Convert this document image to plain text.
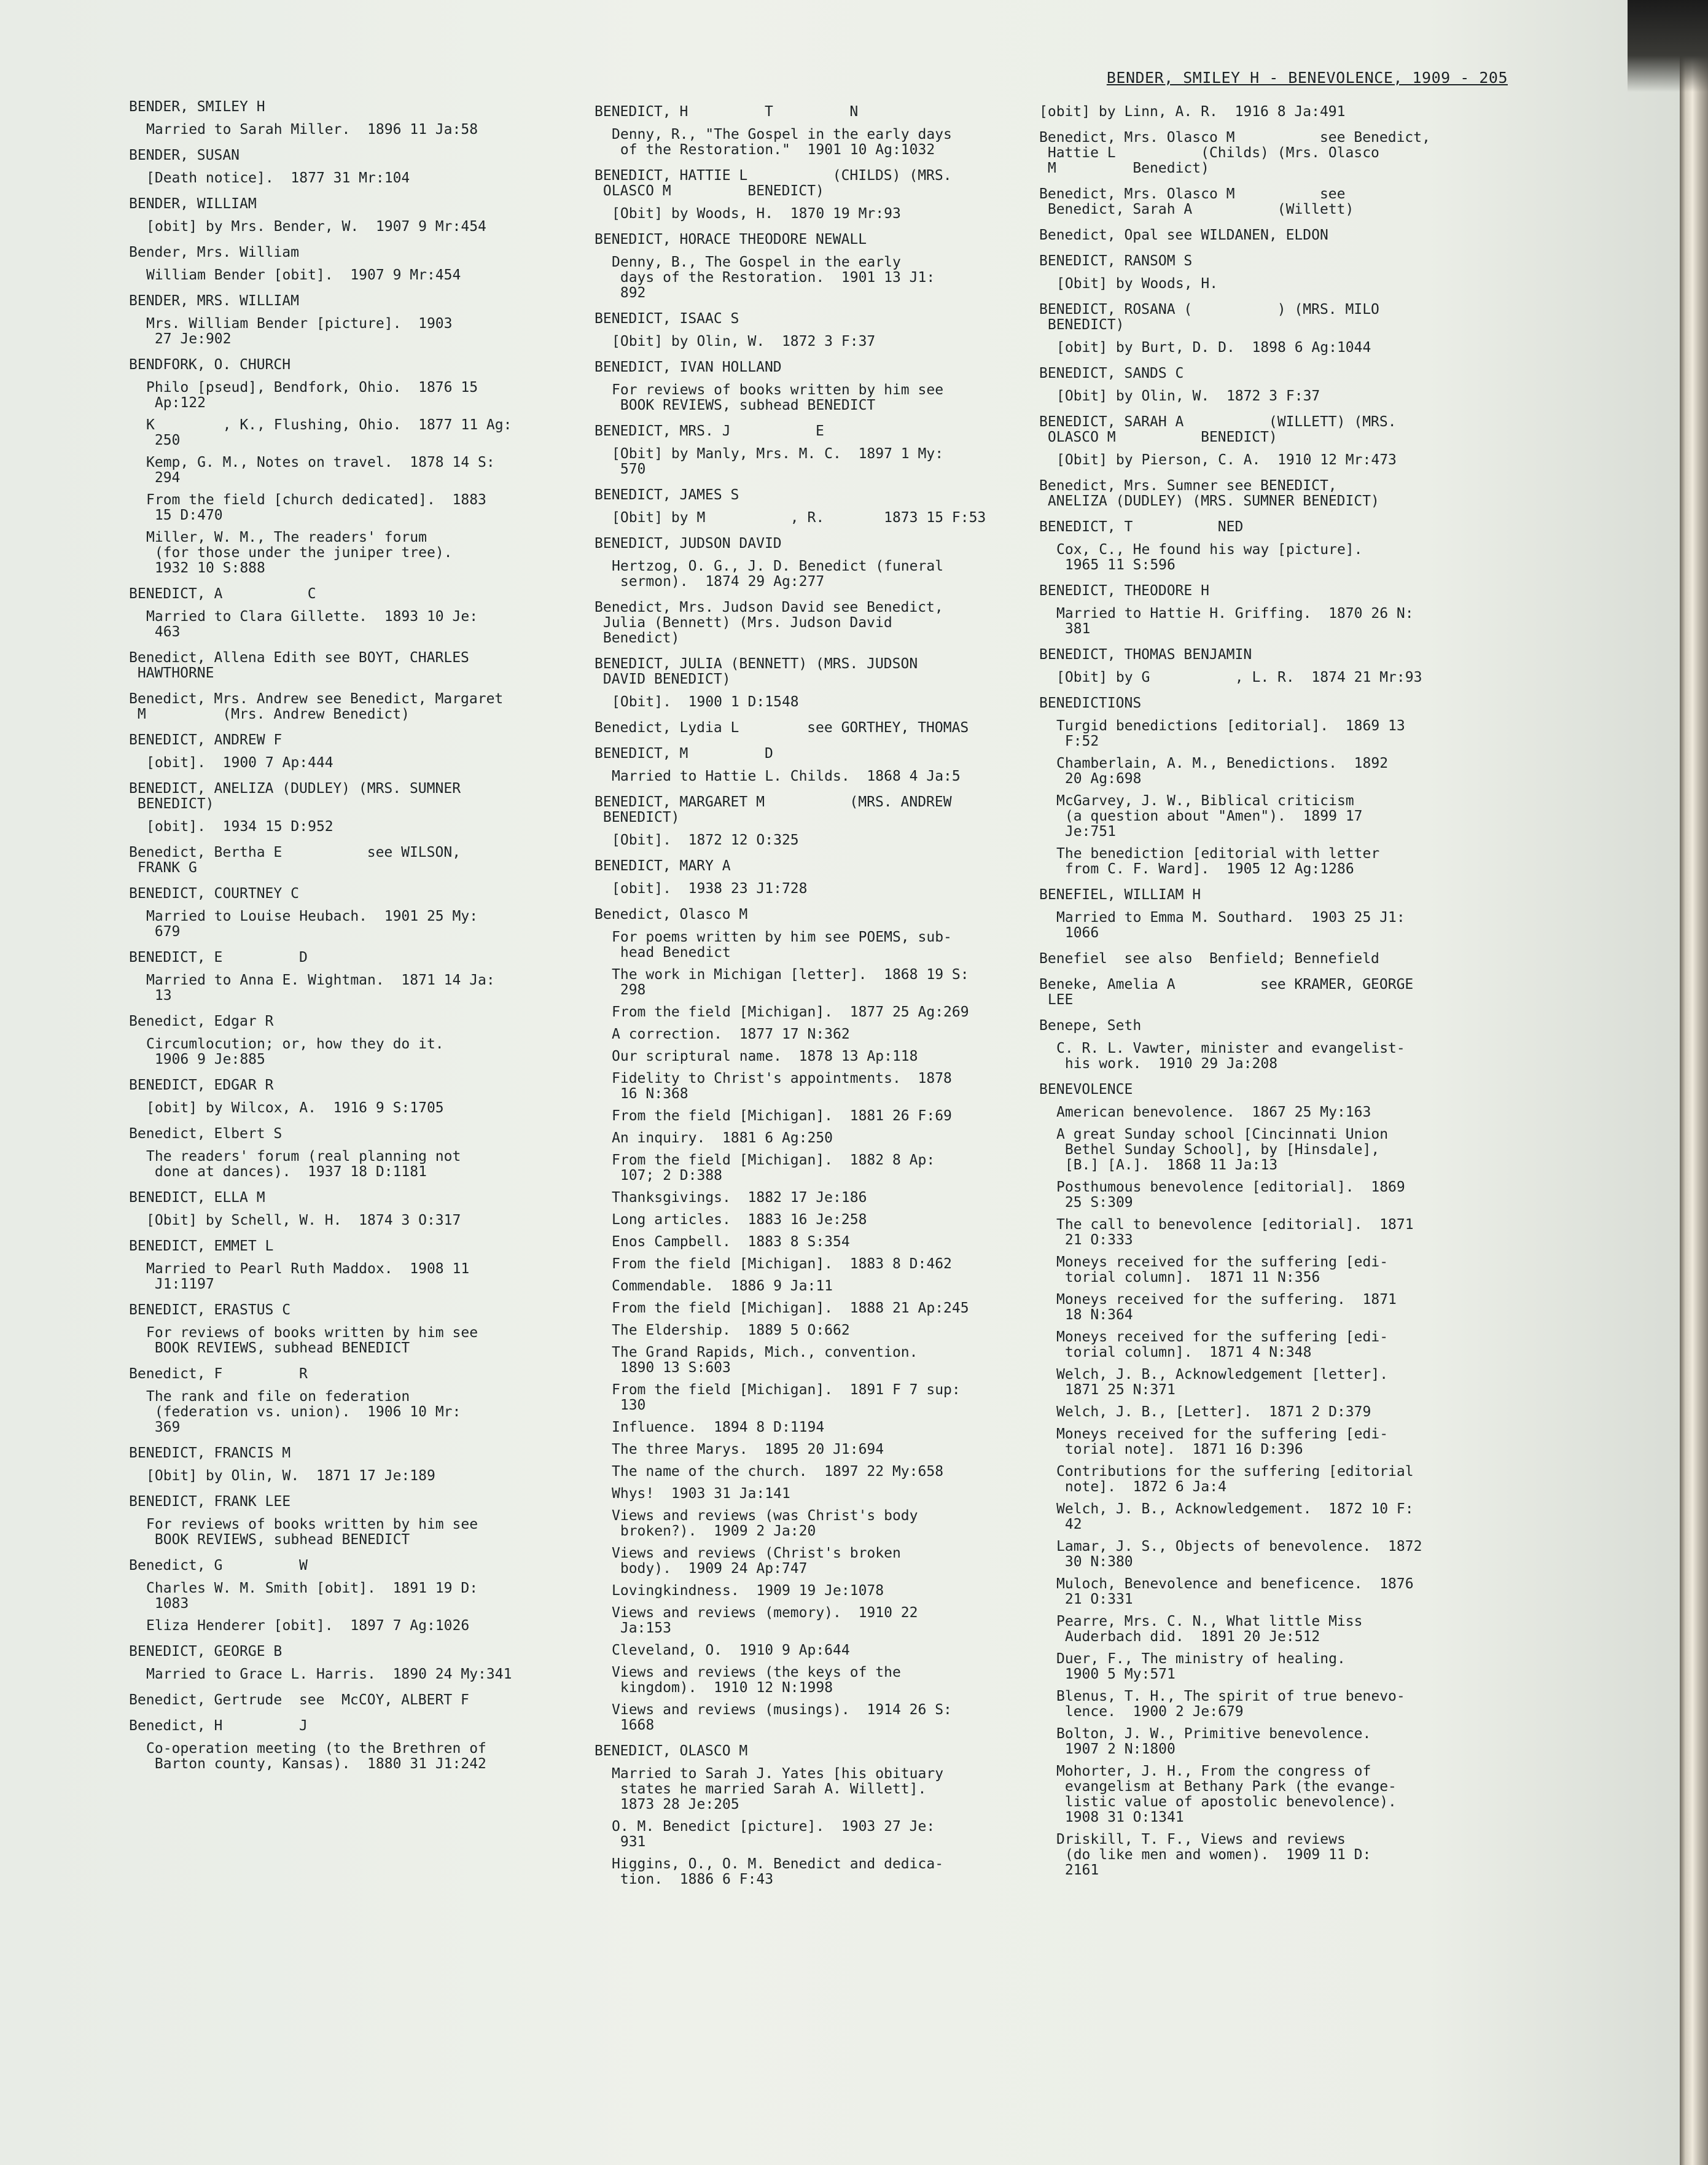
BENDER, SMILEY H - BENEVOLENCE, 1909 - 205
BENDER, SMILEY H
Married to Sarah Miller.  1896 11 Ja:58
BENDER, SUSAN
[Death notice].  1877 31 Mr:104
BENDER, WILLIAM
[obit] by Mrs. Bender, W.  1907 9 Mr:454
Bender, Mrs. William
William Bender [obit].  1907 9 Mr:454
BENDER, MRS. WILLIAM
Mrs. William Bender [picture].  1903
27 Je:902
BENDFORK, O. CHURCH
Philo [pseud], Bendfork, Ohio.  1876 15
Ap:122
K        , K., Flushing, Ohio.  1877 11 Ag:
250
Kemp, G. M., Notes on travel.  1878 14 S:
294
From the field [church dedicated].  1883
15 D:470
Miller, W. M., The readers' forum
(for those under the juniper tree).
1932 10 S:888
BENEDICT, A          C
Married to Clara Gillette.  1893 10 Je:
463
Benedict, Allena Edith see BOYT, CHARLES
HAWTHORNE
Benedict, Mrs. Andrew see Benedict, Margaret
M         (Mrs. Andrew Benedict)
BENEDICT, ANDREW F
[obit].  1900 7 Ap:444
BENEDICT, ANELIZA (DUDLEY) (MRS. SUMNER
BENEDICT)
[obit].  1934 15 D:952
Benedict, Bertha E          see WILSON,
FRANK G
BENEDICT, COURTNEY C
Married to Louise Heubach.  1901 25 My:
679
BENEDICT, E         D
Married to Anna E. Wightman.  1871 14 Ja:
13
Benedict, Edgar R
Circumlocution; or, how they do it.
1906 9 Je:885
BENEDICT, EDGAR R
[obit] by Wilcox, A.  1916 9 S:1705
Benedict, Elbert S
The readers' forum (real planning not
done at dances).  1937 18 D:1181
BENEDICT, ELLA M
[Obit] by Schell, W. H.  1874 3 O:317
BENEDICT, EMMET L
Married to Pearl Ruth Maddox.  1908 11
J1:1197
BENEDICT, ERASTUS C
For reviews of books written by him see
BOOK REVIEWS, subhead BENEDICT
Benedict, F         R
The rank and file on federation
(federation vs. union).  1906 10 Mr:
369
BENEDICT, FRANCIS M
[Obit] by Olin, W.  1871 17 Je:189
BENEDICT, FRANK LEE
For reviews of books written by him see
BOOK REVIEWS, subhead BENEDICT
Benedict, G         W
Charles W. M. Smith [obit].  1891 19 D:
1083
Eliza Henderer [obit].  1897 7 Ag:1026
BENEDICT, GEORGE B
Married to Grace L. Harris.  1890 24 My:341
Benedict, Gertrude  see  McCOY, ALBERT F
Benedict, H         J
Co-operation meeting (to the Brethren of
Barton county, Kansas).  1880 31 J1:242
BENEDICT, H         T         N
Denny, R., "The Gospel in the early days
of the Restoration."  1901 10 Ag:1032
BENEDICT, HATTIE L          (CHILDS) (MRS.
OLASCO M         BENEDICT)
[Obit] by Woods, H.  1870 19 Mr:93
BENEDICT, HORACE THEODORE NEWALL
Denny, B., The Gospel in the early
days of the Restoration.  1901 13 J1:
892
BENEDICT, ISAAC S
[Obit] by Olin, W.  1872 3 F:37
BENEDICT, IVAN HOLLAND
For reviews of books written by him see
BOOK REVIEWS, subhead BENEDICT
BENEDICT, MRS. J          E
[Obit] by Manly, Mrs. M. C.  1897 1 My:
570
BENEDICT, JAMES S
[Obit] by M          , R.       1873 15 F:53
BENEDICT, JUDSON DAVID
Hertzog, O. G., J. D. Benedict (funeral
sermon).  1874 29 Ag:277
Benedict, Mrs. Judson David see Benedict,
Julia (Bennett) (Mrs. Judson David
Benedict)
BENEDICT, JULIA (BENNETT) (MRS. JUDSON
DAVID BENEDICT)
[Obit].  1900 1 D:1548
Benedict, Lydia L        see GORTHEY, THOMAS
BENEDICT, M         D
Married to Hattie L. Childs.  1868 4 Ja:5
BENEDICT, MARGARET M          (MRS. ANDREW
BENEDICT)
[Obit].  1872 12 O:325
BENEDICT, MARY A
[obit].  1938 23 J1:728
Benedict, Olasco M
For poems written by him see POEMS, sub-
head Benedict
The work in Michigan [letter].  1868 19 S:
298
From the field [Michigan].  1877 25 Ag:269
A correction.  1877 17 N:362
Our scriptural name.  1878 13 Ap:118
Fidelity to Christ's appointments.  1878
16 N:368
From the field [Michigan].  1881 26 F:69
An inquiry.  1881 6 Ag:250
From the field [Michigan].  1882 8 Ap:
107; 2 D:388
Thanksgivings.  1882 17 Je:186
Long articles.  1883 16 Je:258
Enos Campbell.  1883 8 S:354
From the field [Michigan].  1883 8 D:462
Commendable.  1886 9 Ja:11
From the field [Michigan].  1888 21 Ap:245
The Eldership.  1889 5 O:662
The Grand Rapids, Mich., convention.
1890 13 S:603
From the field [Michigan].  1891 F 7 sup:
130
Influence.  1894 8 D:1194
The three Marys.  1895 20 J1:694
The name of the church.  1897 22 My:658
Whys!  1903 31 Ja:141
Views and reviews (was Christ's body
broken?).  1909 2 Ja:20
Views and reviews (Christ's broken
body).  1909 24 Ap:747
Lovingkindness.  1909 19 Je:1078
Views and reviews (memory).  1910 22
Ja:153
Cleveland, O.  1910 9 Ap:644
Views and reviews (the keys of the
kingdom).  1910 12 N:1998
Views and reviews (musings).  1914 26 S:
1668
BENEDICT, OLASCO M
Married to Sarah J. Yates [his obituary
states he married Sarah A. Willett].
1873 28 Je:205
O. M. Benedict [picture].  1903 27 Je:
931
Higgins, O., O. M. Benedict and dedica-
tion.  1886 6 F:43
[obit] by Linn, A. R.  1916 8 Ja:491
Benedict, Mrs. Olasco M          see Benedict,
Hattie L          (Childs) (Mrs. Olasco
M         Benedict)
Benedict, Mrs. Olasco M          see
Benedict, Sarah A          (Willett)
Benedict, Opal see WILDANEN, ELDON
BENEDICT, RANSOM S
[Obit] by Woods, H.
BENEDICT, ROSANA (          ) (MRS. MILO
BENEDICT)
[obit] by Burt, D. D.  1898 6 Ag:1044
BENEDICT, SANDS C
[Obit] by Olin, W.  1872 3 F:37
BENEDICT, SARAH A          (WILLETT) (MRS.
OLASCO M          BENEDICT)
[Obit] by Pierson, C. A.  1910 12 Mr:473
Benedict, Mrs. Sumner see BENEDICT,
ANELIZA (DUDLEY) (MRS. SUMNER BENEDICT)
BENEDICT, T          NED
Cox, C., He found his way [picture].
1965 11 S:596
BENEDICT, THEODORE H
Married to Hattie H. Griffing.  1870 26 N:
381
BENEDICT, THOMAS BENJAMIN
[Obit] by G          , L. R.  1874 21 Mr:93
BENEDICTIONS
Turgid benedictions [editorial].  1869 13
F:52
Chamberlain, A. M., Benedictions.  1892
20 Ag:698
McGarvey, J. W., Biblical criticism
(a question about "Amen").  1899 17
Je:751
The benediction [editorial with letter
from C. F. Ward].  1905 12 Ag:1286
BENEFIEL, WILLIAM H
Married to Emma M. Southard.  1903 25 J1:
1066
Benefiel  see also  Benfield; Bennefield
Beneke, Amelia A          see KRAMER, GEORGE
LEE
Benepe, Seth
C. R. L. Vawter, minister and evangelist-
his work.  1910 29 Ja:208
BENEVOLENCE
American benevolence.  1867 25 My:163
A great Sunday school [Cincinnati Union
Bethel Sunday School], by [Hinsdale],
[B.] [A.].  1868 11 Ja:13
Posthumous benevolence [editorial].  1869
25 S:309
The call to benevolence [editorial].  1871
21 O:333
Moneys received for the suffering [edi-
torial column].  1871 11 N:356
Moneys received for the suffering.  1871
18 N:364
Moneys received for the suffering [edi-
torial column].  1871 4 N:348
Welch, J. B., Acknowledgement [letter].
1871 25 N:371
Welch, J. B., [Letter].  1871 2 D:379
Moneys received for the suffering [edi-
torial note].  1871 16 D:396
Contributions for the suffering [editorial
note].  1872 6 Ja:4
Welch, J. B., Acknowledgement.  1872 10 F:
42
Lamar, J. S., Objects of benevolence.  1872
30 N:380
Muloch, Benevolence and beneficence.  1876
21 O:331
Pearre, Mrs. C. N., What little Miss
Auderbach did.  1891 20 Je:512
Duer, F., The ministry of healing.
1900 5 My:571
Blenus, T. H., The spirit of true benevo-
lence.  1900 2 Je:679
Bolton, J. W., Primitive benevolence.
1907 2 N:1800
Mohorter, J. H., From the congress of
evangelism at Bethany Park (the evange-
listic value of apostolic benevolence).
1908 31 O:1341
Driskill, T. F., Views and reviews
(do like men and women).  1909 11 D:
2161
